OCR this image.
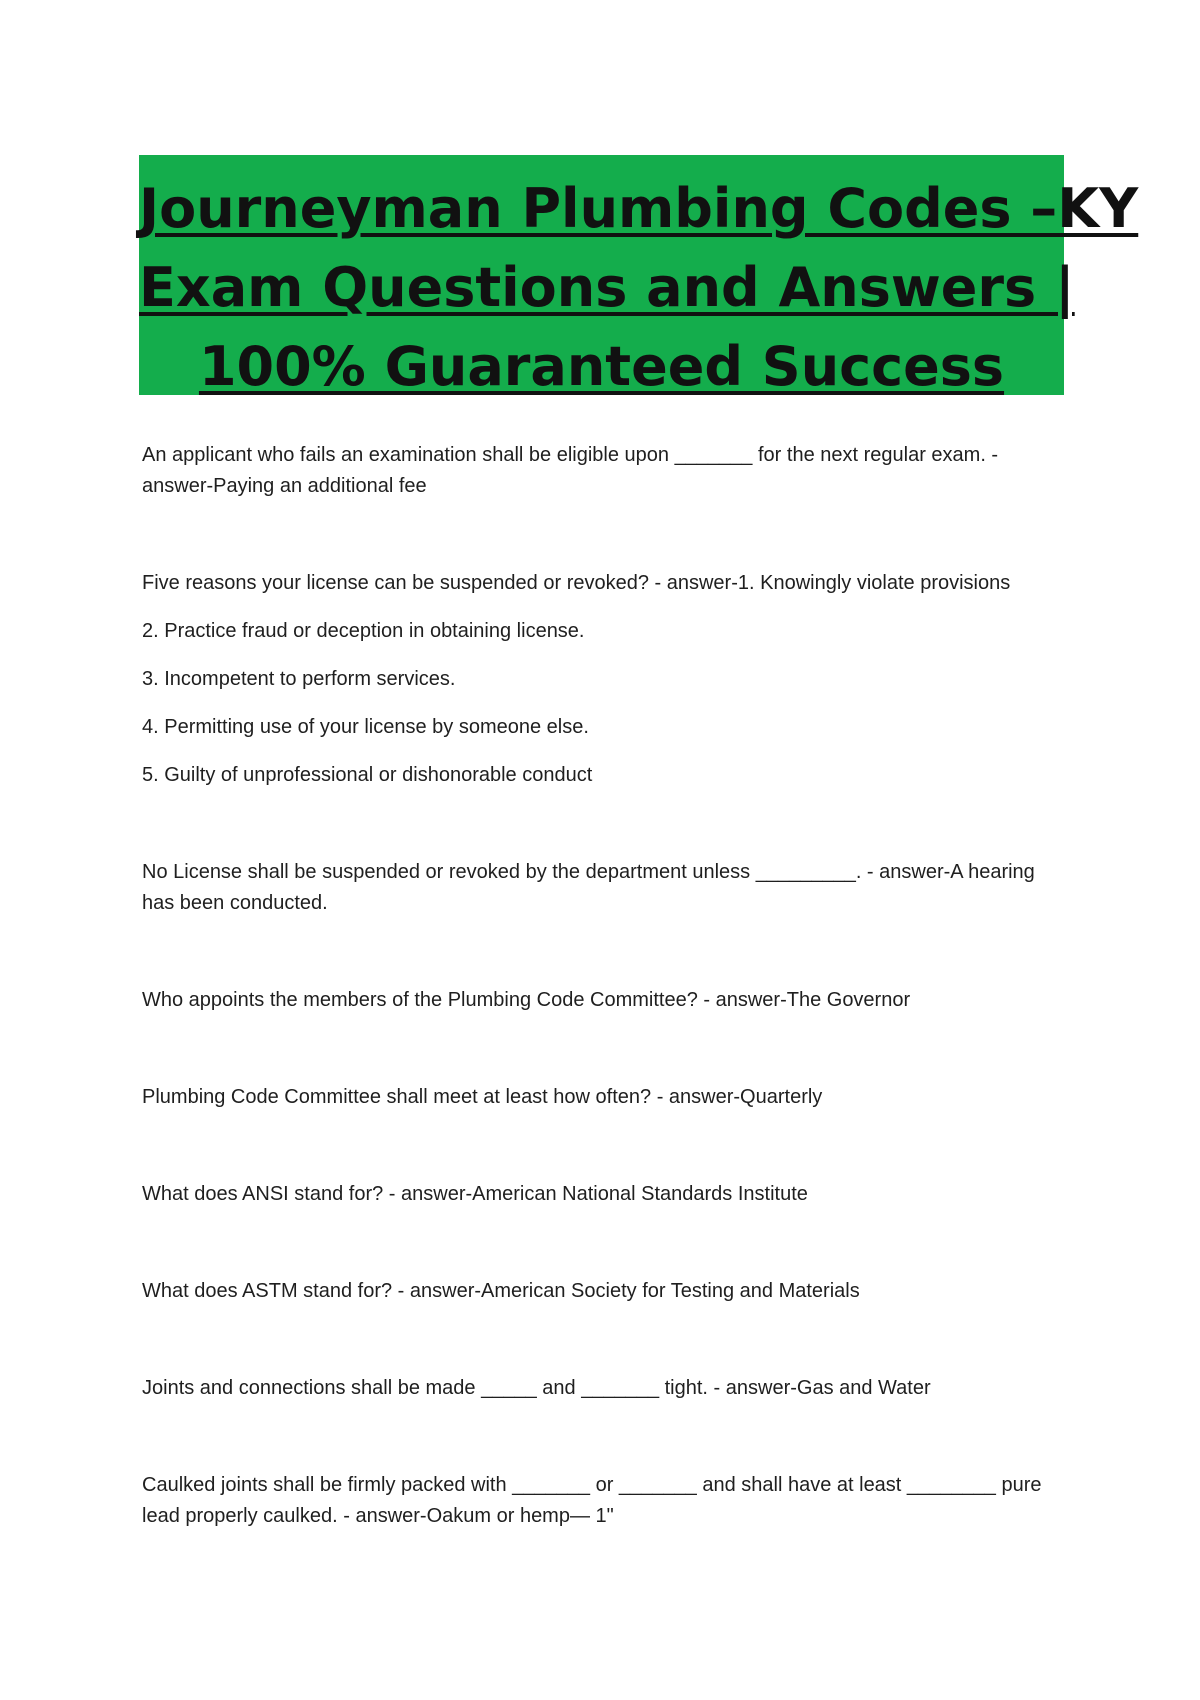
Journeyman Plumbing Codes –KY
Exam Questions and Answers |
100% Guaranteed Success

An applicant who fails an examination shall be eligible upon _______ for the next regular exam. - answer-Paying an additional fee

Five reasons your license can be suspended or revoked? - answer-1. Knowingly violate provisions

2. Practice fraud or deception in obtaining license.
3. Incompetent to perform services.
4. Permitting use of your license by someone else.
5. Guilty of unprofessional or dishonorable conduct

No License shall be suspended or revoked by the department unless _________. - answer-A hearing has been conducted.

Who appoints the members of the Plumbing Code Committee? - answer-The Governor

Plumbing Code Committee shall meet at least how often? - answer-Quarterly

What does ANSI stand for? - answer-American National Standards Institute

What does ASTM stand for? - answer-American Society for Testing and Materials

Joints and connections shall be made _____ and _______ tight. - answer-Gas and Water

Caulked joints shall be firmly packed with _______ or _______ and shall have at least ________ pure lead properly caulked. - answer-Oakum or hemp— 1"
